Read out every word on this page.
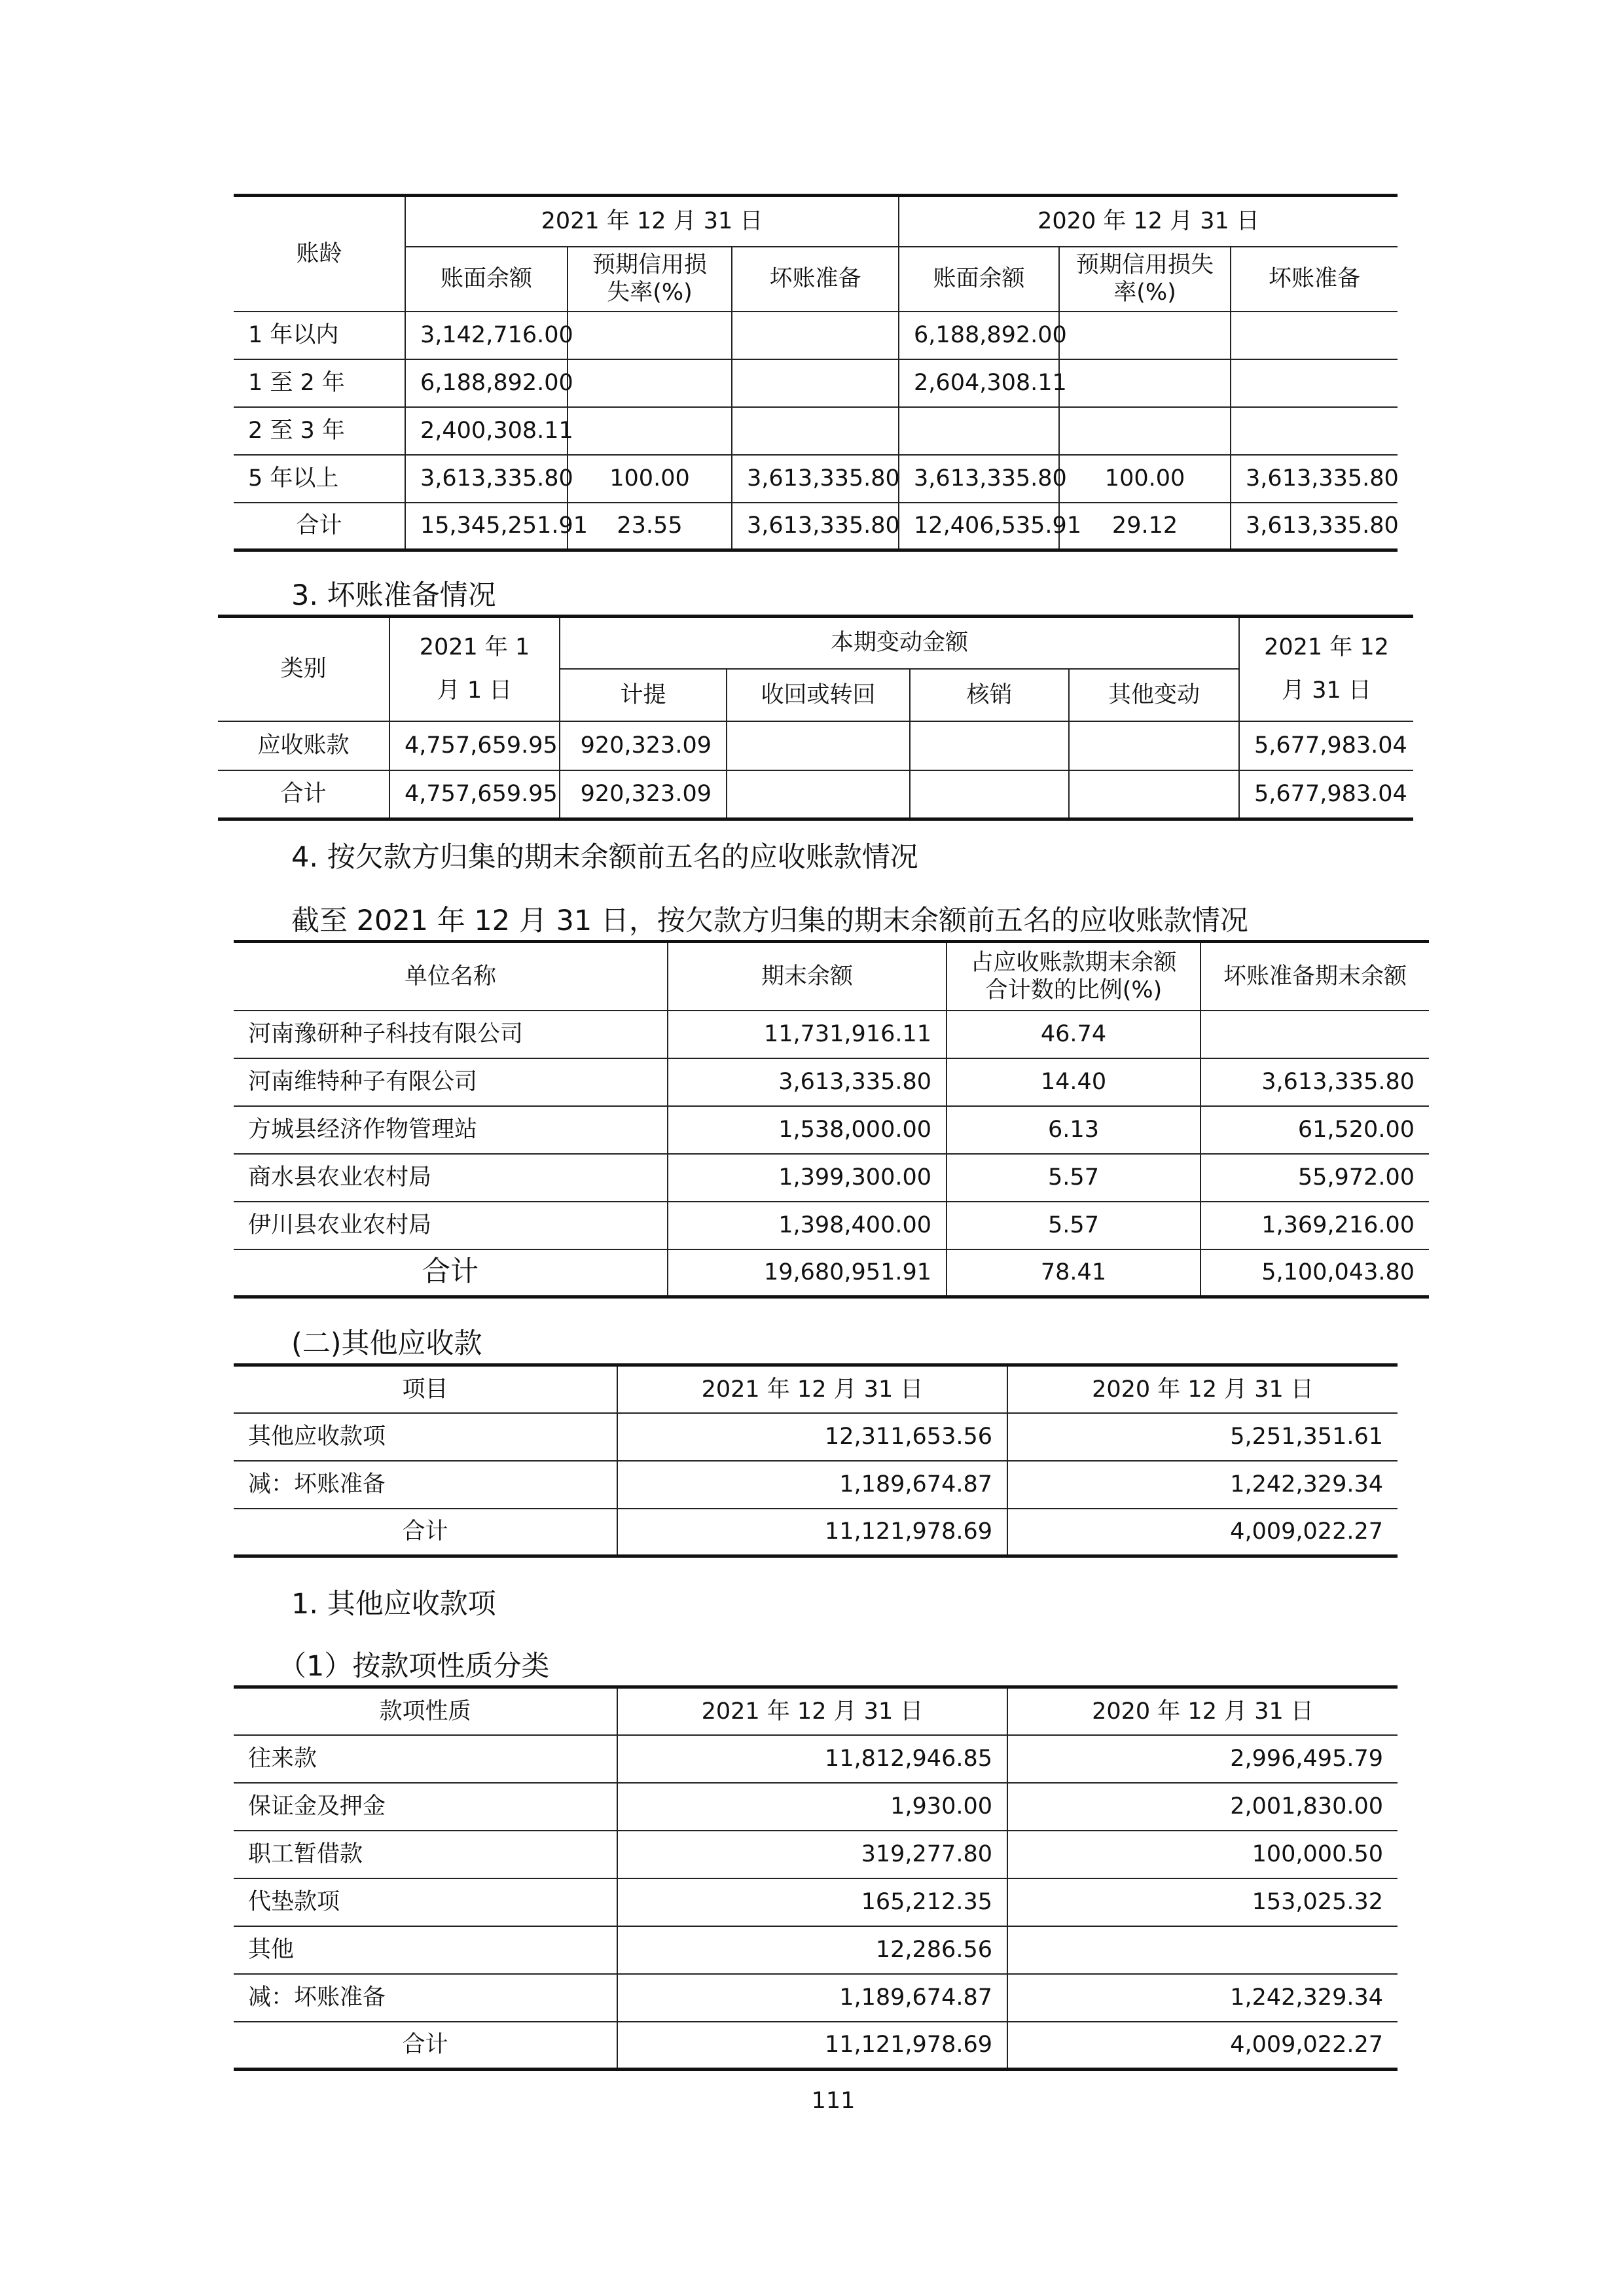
账龄	2021 年 12 月 31 日			2020 年 12 月 31 日		
	账面余额	预期信用损失率(%)	坏账准备	账面余额	预期信用损失率(%)	坏账准备
1 年以内	3,142,716.00			6,188,892.00		
1 至 2 年	6,188,892.00			2,604,308.11		
2 至 3 年	2,400,308.11					
5 年以上	3,613,335.80	100.00	3,613,335.80	3,613,335.80	100.00	3,613,335.80
合计	15,345,251.91	23.55	3,613,335.80	12,406,535.91	29.12	3,613,335.80
3. 坏账准备情况
类别	2021 年 1 月 1 日	本期变动金额				2021 年 12 月 31 日
		计提	收回或转回	核销	其他变动	
应收账款	4,757,659.95	920,323.09				5,677,983.04
合计	4,757,659.95	920,323.09				5,677,983.04
4. 按欠款方归集的期末余额前五名的应收账款情况
截至 2021 年 12 月 31 日，按欠款方归集的期末余额前五名的应收账款情况
单位名称	期末余额	占应收账款期末余额合计数的比例(%)	坏账准备期末余额
河南豫研种子科技有限公司	11,731,916.11	46.74	
河南维特种子有限公司	3,613,335.80	14.40	3,613,335.80
方城县经济作物管理站	1,538,000.00	6.13	61,520.00
商水县农业农村局	1,399,300.00	5.57	55,972.00
伊川县农业农村局	1,398,400.00	5.57	1,369,216.00
合计	19,680,951.91	78.41	5,100,043.80
(二)其他应收款
项目	2021 年 12 月 31 日	2020 年 12 月 31 日
其他应收款项	12,311,653.56	5,251,351.61
减：坏账准备	1,189,674.87	1,242,329.34
合计	11,121,978.69	4,009,022.27
1. 其他应收款项
（1）按款项性质分类
款项性质	2021 年 12 月 31 日	2020 年 12 月 31 日
往来款	11,812,946.85	2,996,495.79
保证金及押金	1,930.00	2,001,830.00
职工暂借款	319,277.80	100,000.50
代垫款项	165,212.35	153,025.32
其他	12,286.56	
减：坏账准备	1,189,674.87	1,242,329.34
合计	11,121,978.69	4,009,022.27
111
